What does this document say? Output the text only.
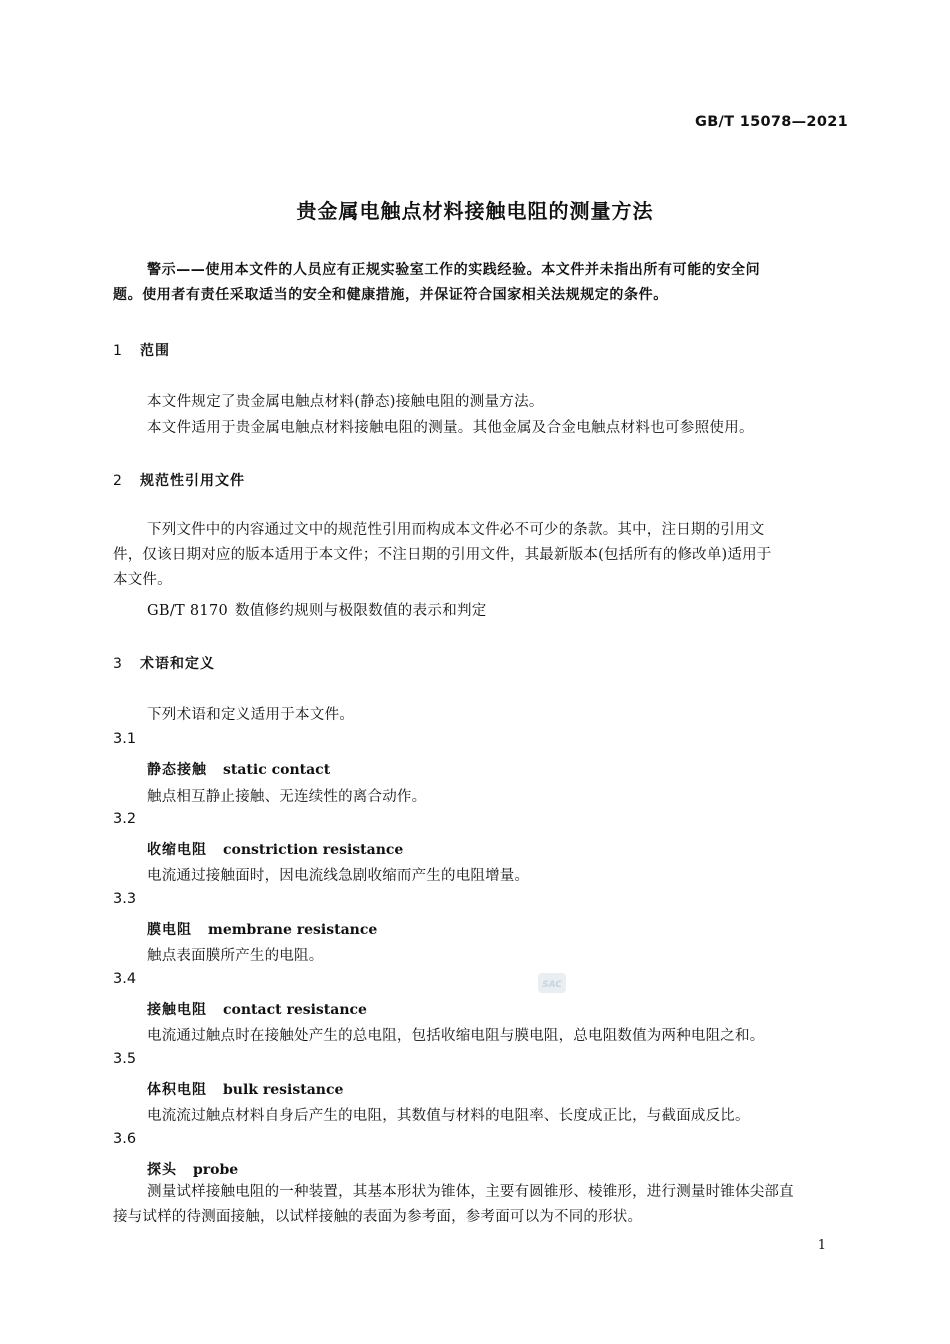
GB/T 15078—2021
贵金属电触点材料接触电阻的测量方法
警示——使用本文件的人员应有正规实验室工作的实践经验。本文件并未指出所有可能的安全问
题。使用者有责任采取适当的安全和健康措施，并保证符合国家相关法规规定的条件。
1 范围
本文件规定了贵金属电触点材料(静态)接触电阻的测量方法。
本文件适用于贵金属电触点材料接触电阻的测量。其他金属及合金电触点材料也可参照使用。
2 规范性引用文件
下列文件中的内容通过文中的规范性引用而构成本文件必不可少的条款。其中，注日期的引用文
件，仅该日期对应的版本适用于本文件；不注日期的引用文件，其最新版本(包括所有的修改单)适用于
本文件。
GB/T 8170 数值修约规则与极限数值的表示和判定
3 术语和定义
下列术语和定义适用于本文件。
3.1
静态接触 static contact
触点相互静止接触、无连续性的离合动作。
3.2
收缩电阻 constriction resistance
电流通过接触面时，因电流线急剧收缩而产生的电阻增量。
3.3
膜电阻 membrane resistance
触点表面膜所产生的电阻。
3.4
接触电阻 contact resistance
电流通过触点时在接触处产生的总电阻，包括收缩电阻与膜电阻，总电阻数值为两种电阻之和。
3.5
体积电阻 bulk resistance
电流流过触点材料自身后产生的电阻，其数值与材料的电阻率、长度成正比，与截面成反比。
3.6
探头 probe
测量试样接触电阻的一种装置，其基本形状为锥体，主要有圆锥形、棱锥形，进行测量时锥体尖部直
接与试样的待测面接触，以试样接触的表面为参考面，参考面可以为不同的形状。
1
SAC
